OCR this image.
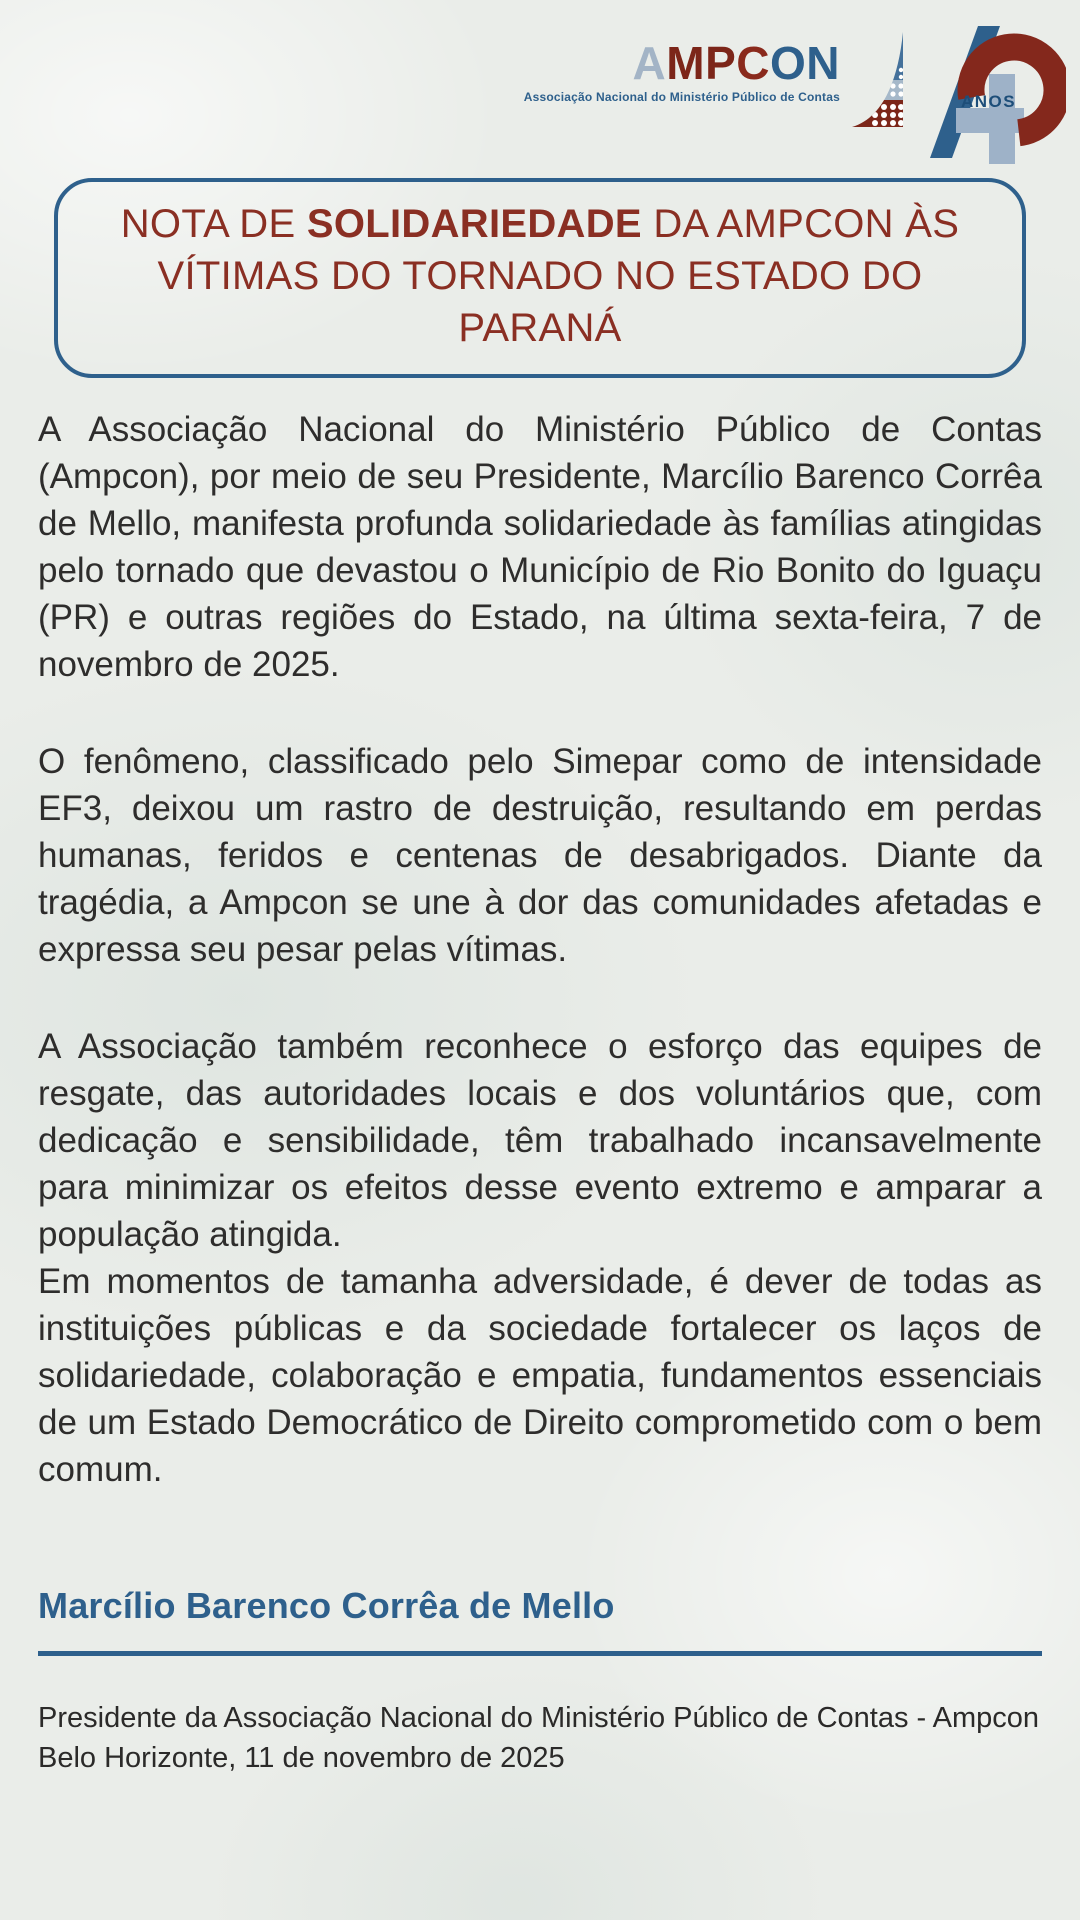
AMPCON
Associação Nacional do Ministério Público de Contas	ANOS
NOTA DE SOLIDARIEDADE DA AMPCON ÀS VÍTIMAS DO TORNADO NO ESTADO DO PARANÁ

A Associação Nacional do Ministério Público de Contas (Ampcon), por meio de seu Presidente, Marcílio Barenco Corrêa de Mello, manifesta profunda solidariedade às famílias atingidas pelo tornado que devastou o Município de Rio Bonito do Iguaçu (PR) e outras regiões do Estado, na última sexta-feira, 7 de novembro de 2025.

O fenômeno, classificado pelo Simepar como de intensidade EF3, deixou um rastro de destruição, resultando em perdas humanas, feridos e centenas de desabrigados. Diante da tragédia, a Ampcon se une à dor das comunidades afetadas e expressa seu pesar pelas vítimas.

A Associação também reconhece o esforço das equipes de resgate, das autoridades locais e dos voluntários que, com dedicação e sensibilidade, têm trabalhado incansavelmente para minimizar os efeitos desse evento extremo e amparar a população atingida.

Em momentos de tamanha adversidade, é dever de todas as instituições públicas e da sociedade fortalecer os laços de solidariedade, colaboração e empatia, fundamentos essenciais de um Estado Democrático de Direito comprometido com o bem comum.

Marcílio Barenco Corrêa de Mello
Presidente da Associação Nacional do Ministério Público de Contas - Ampcon
Belo Horizonte, 11 de novembro de 2025
